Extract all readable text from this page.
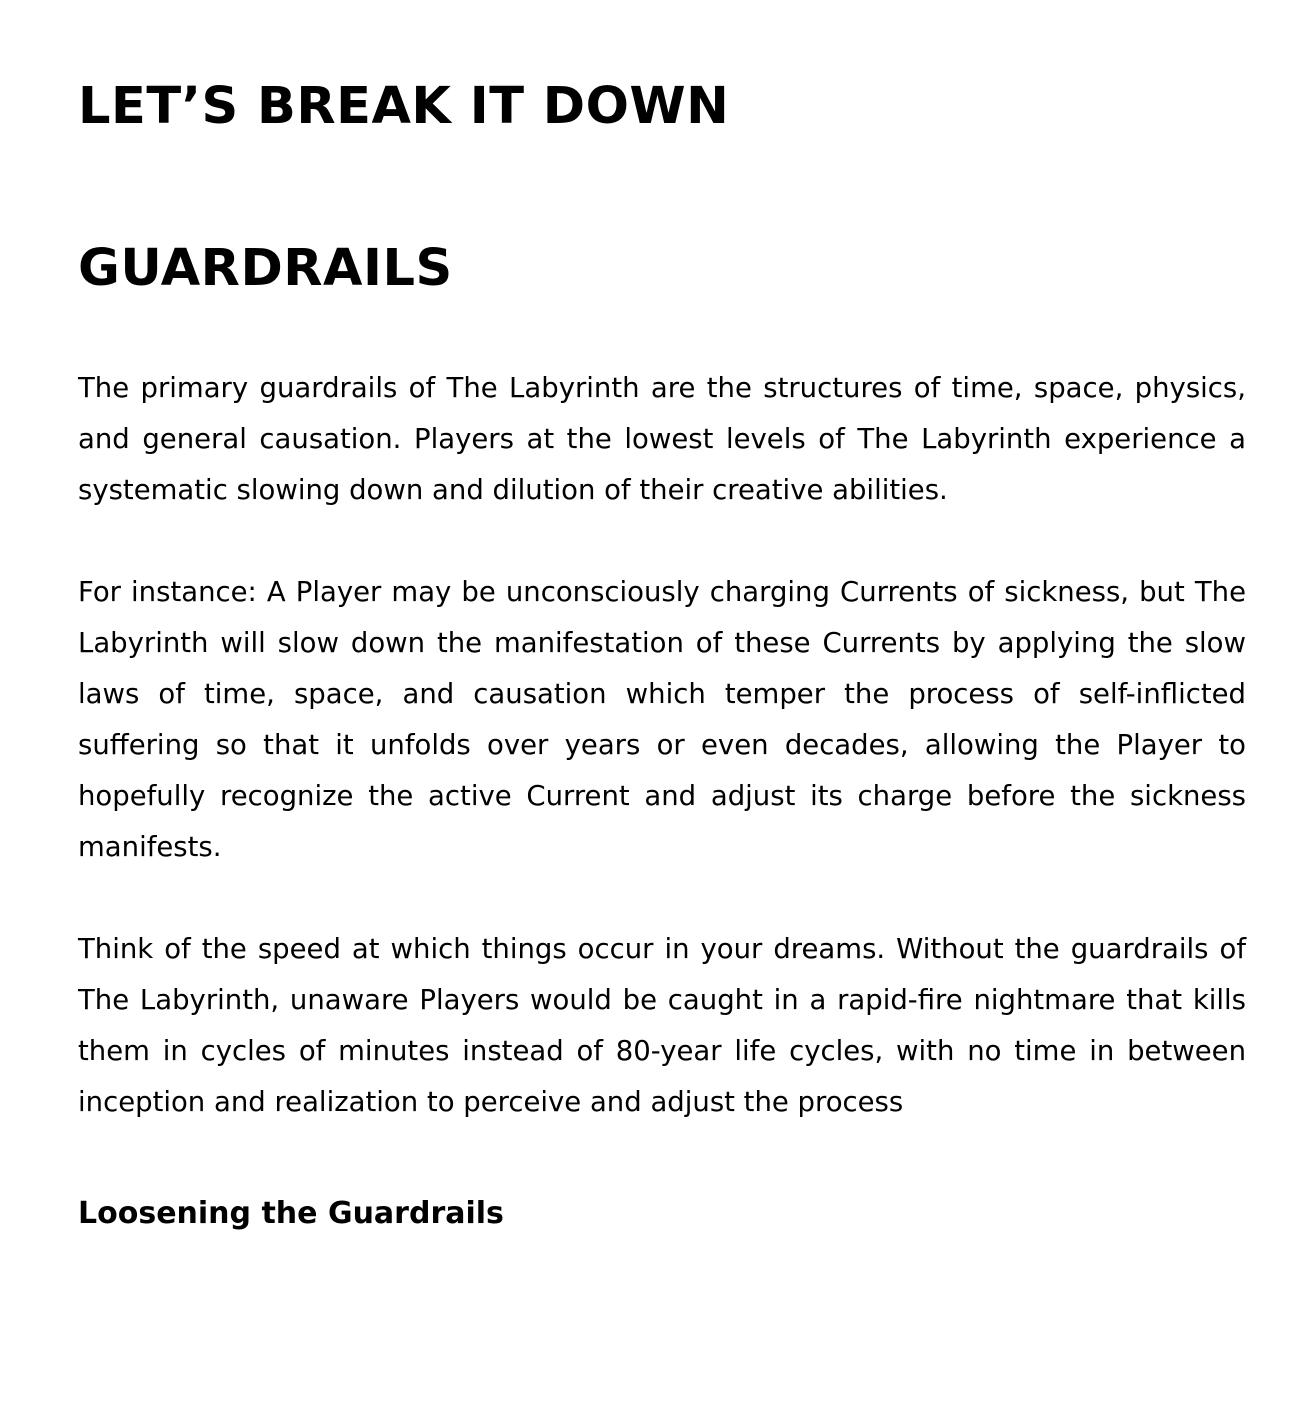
LET’S BREAK IT DOWN
GUARDRAILS

The primary guardrails of The Labyrinth are the structures of time, space, physics, and general causation. Players at the lowest levels of The Labyrinth experience a systematic slowing down and dilution of their creative abilities.

For instance: A Player may be unconsciously charging Currents of sickness, but The Labyrinth will slow down the manifestation of these Currents by applying the slow laws of time, space, and causation which temper the process of self-inflicted suffering so that it unfolds over years or even decades, allowing the Player to hopefully recognize the active Current and adjust its charge before the sickness manifests.

Think of the speed at which things occur in your dreams. Without the guardrails of The Labyrinth, unaware Players would be caught in a rapid-fire nightmare that kills them in cycles of minutes instead of 80-year life cycles, with no time in between inception and realization to perceive and adjust the process

Loosening the Guardrails
